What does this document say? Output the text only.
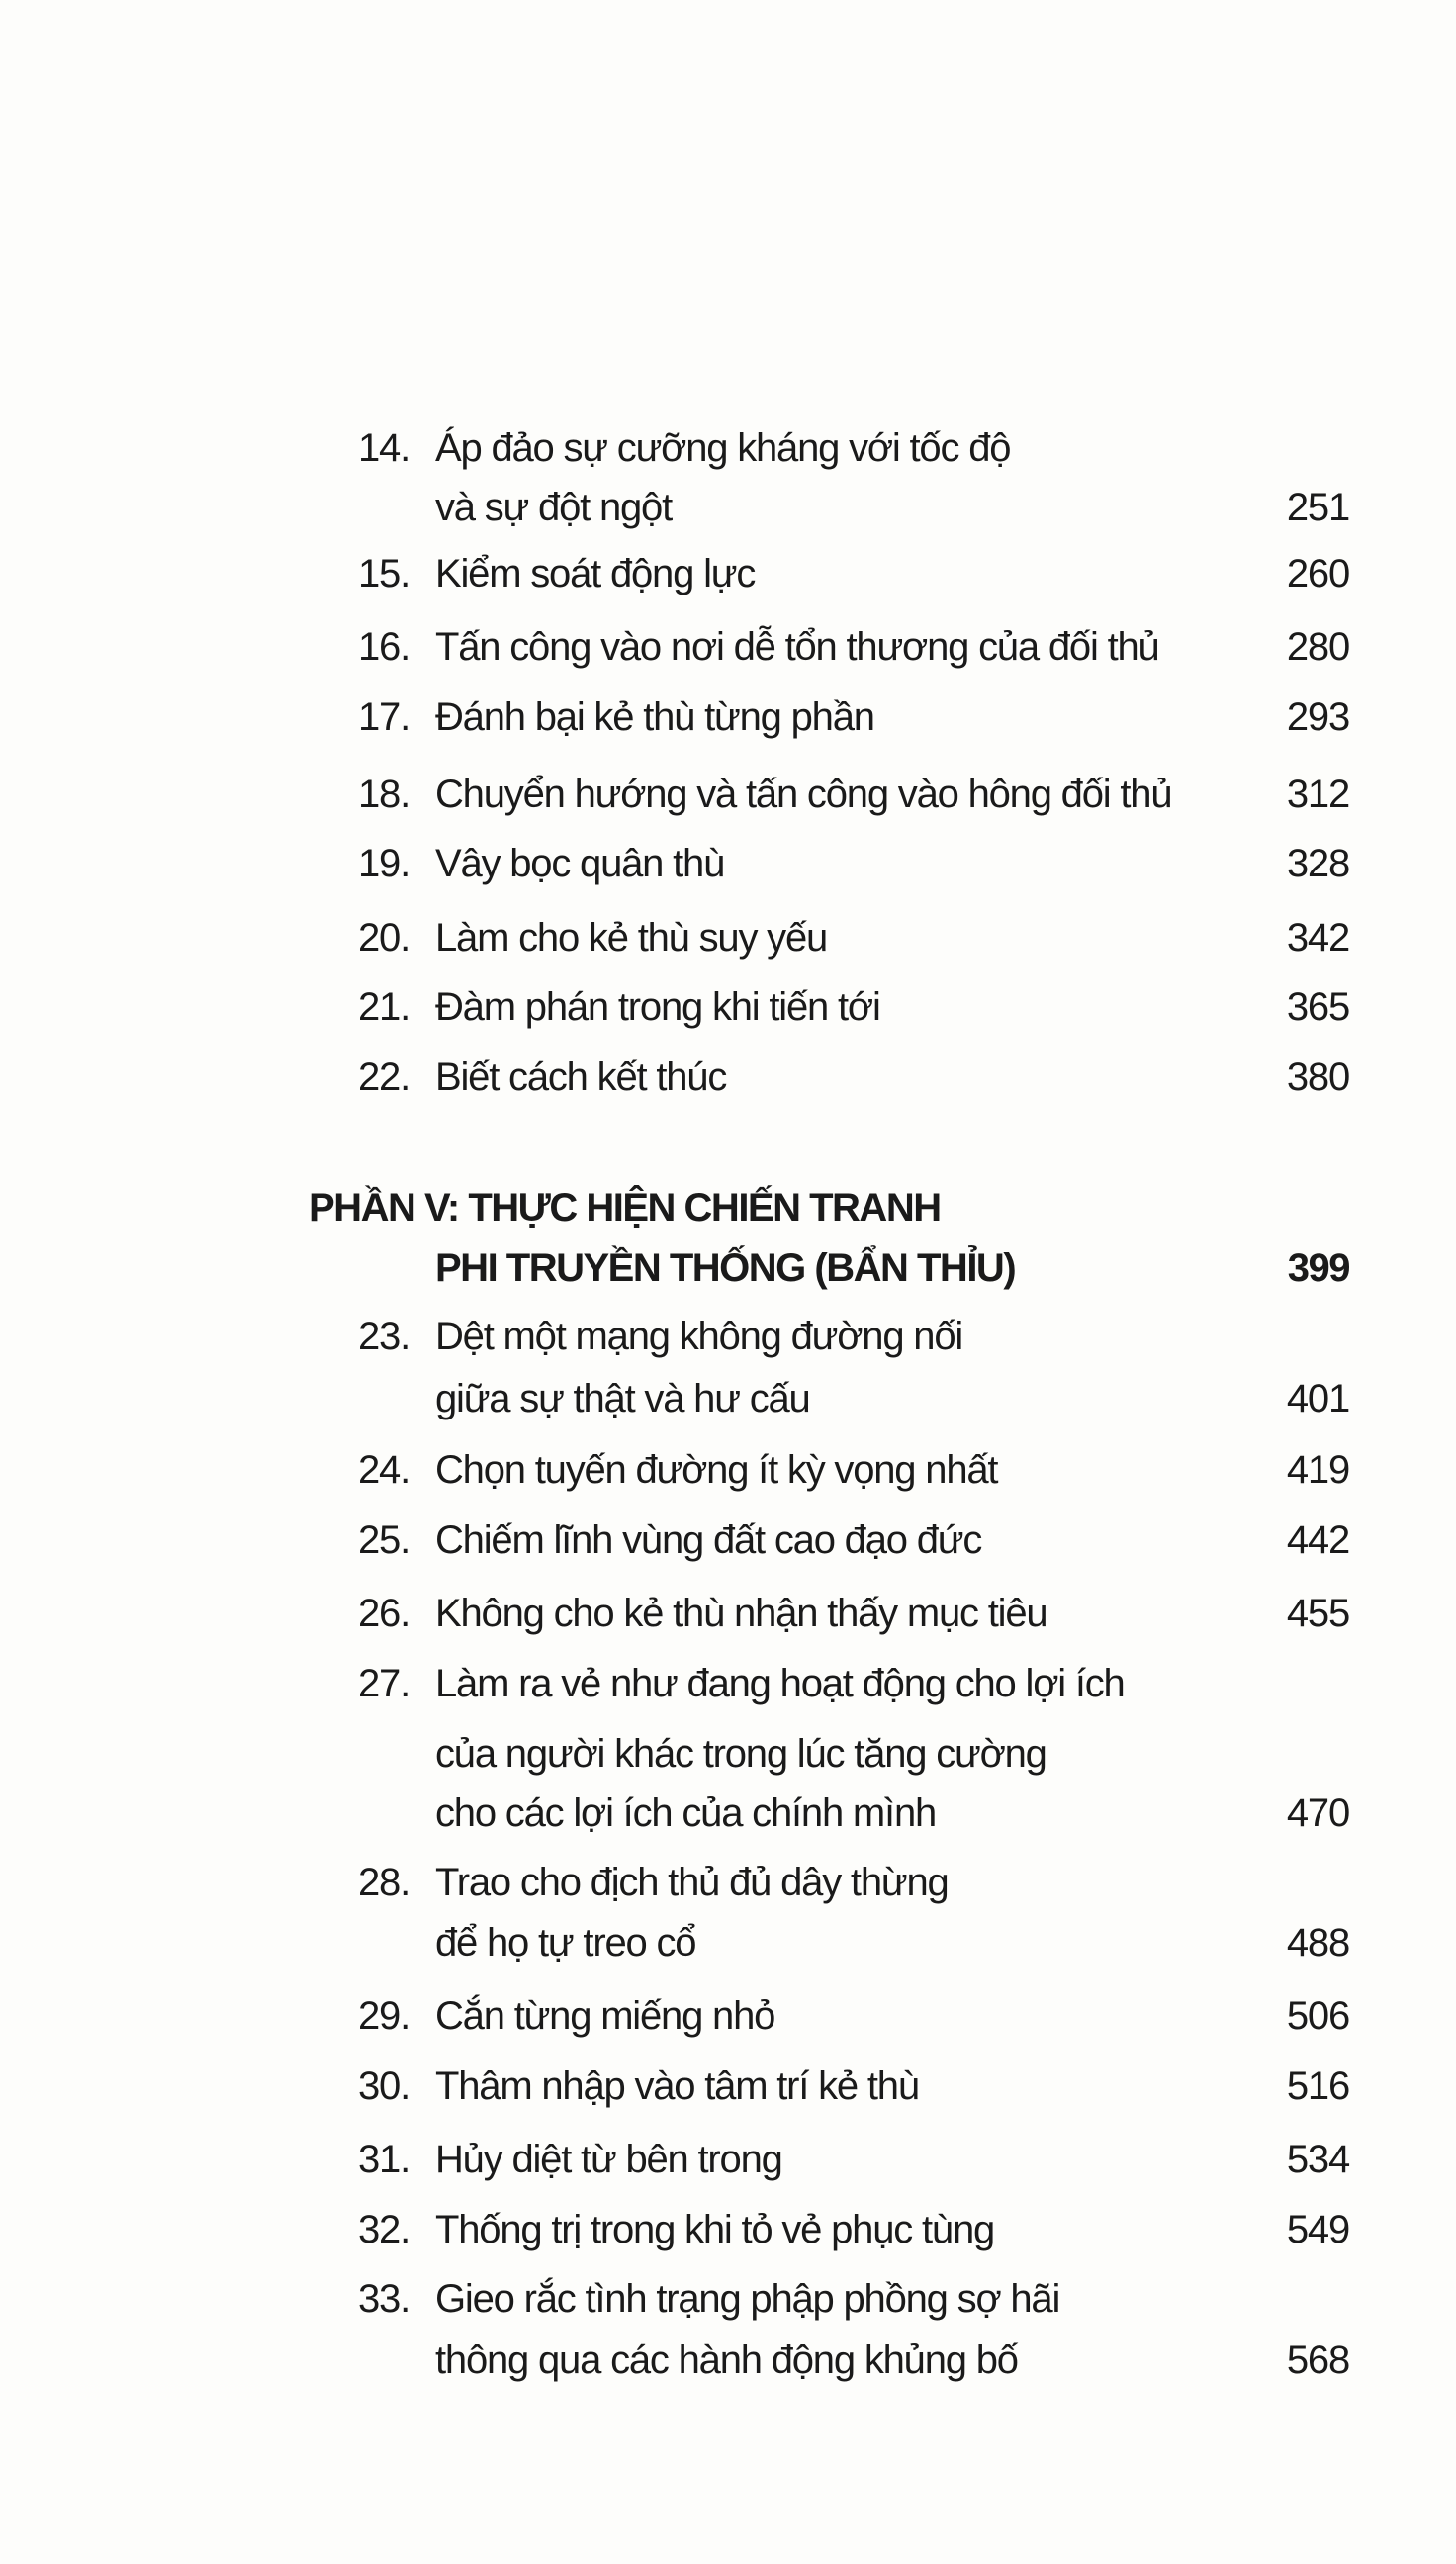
14. Áp đảo sự cưỡng kháng với tốc độ
và sự đột ngột	251
15. Kiểm soát động lực	260
16. Tấn công vào nơi dễ tổn thương của đối thủ	280
17. Đánh bại kẻ thù từng phần	293
18. Chuyển hướng và tấn công vào hông đối thủ	312
19. Vây bọc quân thù	328
20. Làm cho kẻ thù suy yếu	342
21. Đàm phán trong khi tiến tới	365
22. Biết cách kết thúc	380
PHẦN V: THỰC HIỆN CHIẾN TRANH
PHI TRUYỀN THỐNG (BẨN THỈU)	399
23. Dệt một mạng không đường nối
giữa sự thật và hư cấu	401
24. Chọn tuyến đường ít kỳ vọng nhất	419
25. Chiếm lĩnh vùng đất cao đạo đức	442
26. Không cho kẻ thù nhận thấy mục tiêu	455
27. Làm ra vẻ như đang hoạt động cho lợi ích
của người khác trong lúc tăng cường
cho các lợi ích của chính mình	470
28. Trao cho địch thủ đủ dây thừng
để họ tự treo cổ	488
29. Cắn từng miếng nhỏ	506
30. Thâm nhập vào tâm trí kẻ thù	516
31. Hủy diệt từ bên trong	534
32. Thống trị trong khi tỏ vẻ phục tùng	549
33. Gieo rắc tình trạng phập phồng sợ hãi
thông qua các hành động khủng bố	568
